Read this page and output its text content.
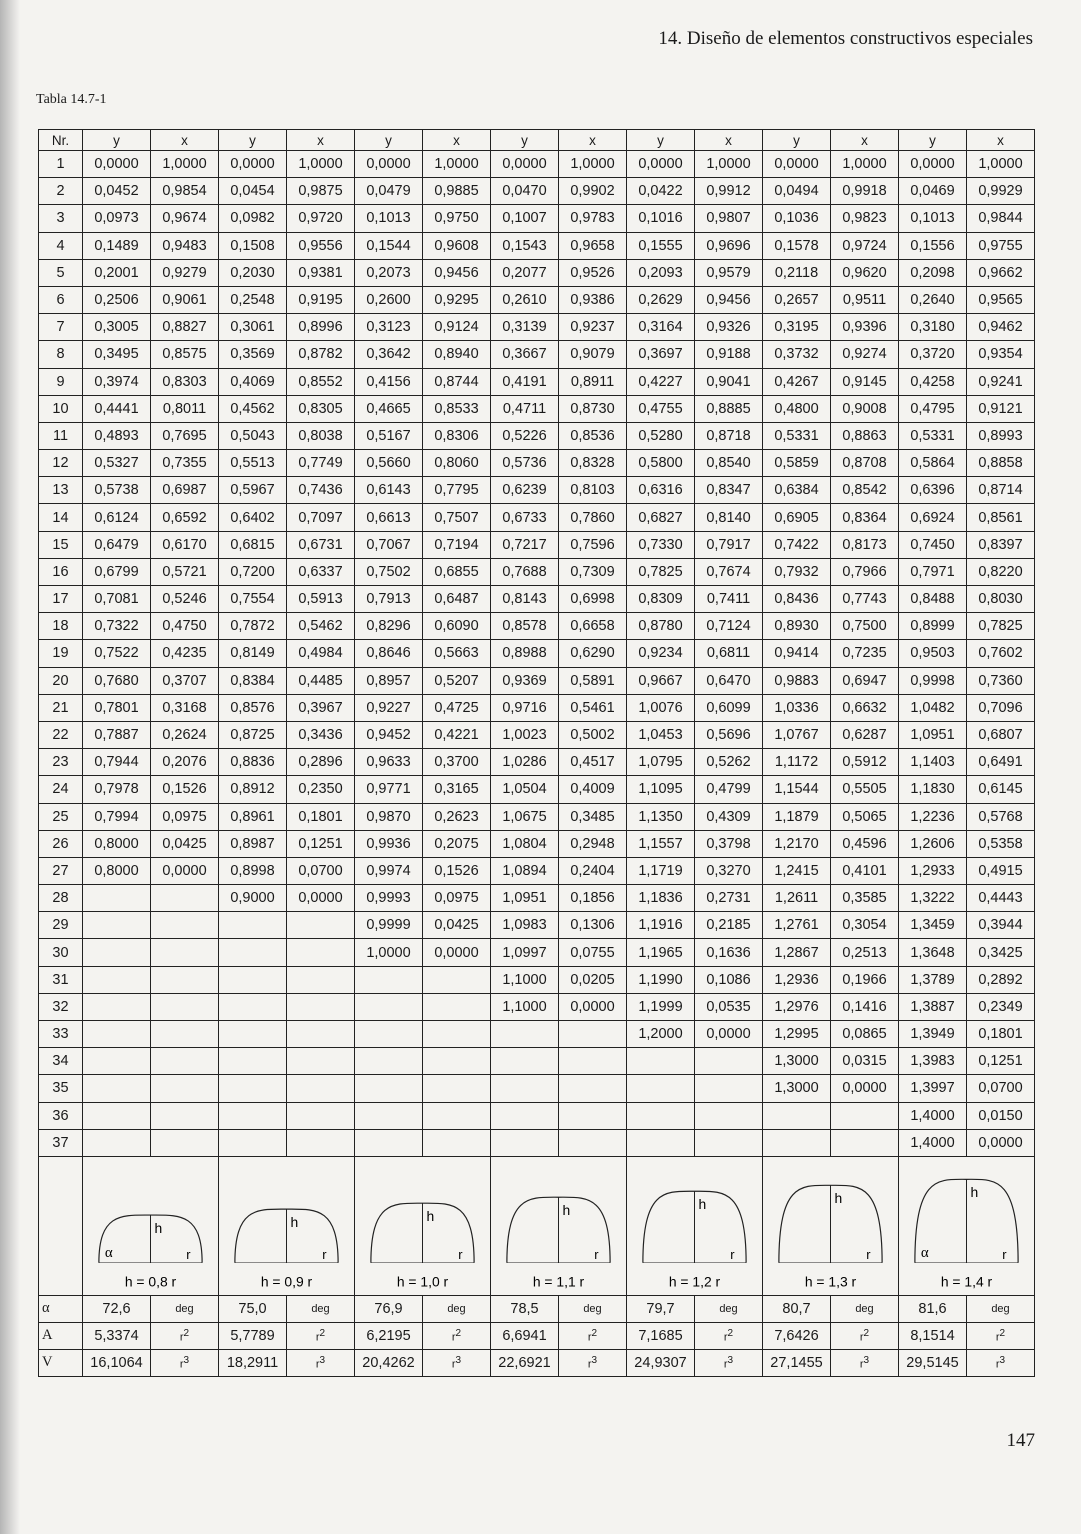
14. Diseño de elementos constructivos especiales
Tabla 14.7-1
Nr.	y	x	y	x	y	x	y	x	y	x	y	x	y	x
1	0,0000	1,0000	0,0000	1,0000	0,0000	1,0000	0,0000	1,0000	0,0000	1,0000	0,0000	1,0000	0,0000	1,0000
2	0,0452	0,9854	0,0454	0,9875	0,0479	0,9885	0,0470	0,9902	0,0422	0,9912	0,0494	0,9918	0,0469	0,9929
3	0,0973	0,9674	0,0982	0,9720	0,1013	0,9750	0,1007	0,9783	0,1016	0,9807	0,1036	0,9823	0,1013	0,9844
4	0,1489	0,9483	0,1508	0,9556	0,1544	0,9608	0,1543	0,9658	0,1555	0,9696	0,1578	0,9724	0,1556	0,9755
5	0,2001	0,9279	0,2030	0,9381	0,2073	0,9456	0,2077	0,9526	0,2093	0,9579	0,2118	0,9620	0,2098	0,9662
6	0,2506	0,9061	0,2548	0,9195	0,2600	0,9295	0,2610	0,9386	0,2629	0,9456	0,2657	0,9511	0,2640	0,9565
7	0,3005	0,8827	0,3061	0,8996	0,3123	0,9124	0,3139	0,9237	0,3164	0,9326	0,3195	0,9396	0,3180	0,9462
8	0,3495	0,8575	0,3569	0,8782	0,3642	0,8940	0,3667	0,9079	0,3697	0,9188	0,3732	0,9274	0,3720	0,9354
9	0,3974	0,8303	0,4069	0,8552	0,4156	0,8744	0,4191	0,8911	0,4227	0,9041	0,4267	0,9145	0,4258	0,9241
10	0,4441	0,8011	0,4562	0,8305	0,4665	0,8533	0,4711	0,8730	0,4755	0,8885	0,4800	0,9008	0,4795	0,9121
11	0,4893	0,7695	0,5043	0,8038	0,5167	0,8306	0,5226	0,8536	0,5280	0,8718	0,5331	0,8863	0,5331	0,8993
12	0,5327	0,7355	0,5513	0,7749	0,5660	0,8060	0,5736	0,8328	0,5800	0,8540	0,5859	0,8708	0,5864	0,8858
13	0,5738	0,6987	0,5967	0,7436	0,6143	0,7795	0,6239	0,8103	0,6316	0,8347	0,6384	0,8542	0,6396	0,8714
14	0,6124	0,6592	0,6402	0,7097	0,6613	0,7507	0,6733	0,7860	0,6827	0,8140	0,6905	0,8364	0,6924	0,8561
15	0,6479	0,6170	0,6815	0,6731	0,7067	0,7194	0,7217	0,7596	0,7330	0,7917	0,7422	0,8173	0,7450	0,8397
16	0,6799	0,5721	0,7200	0,6337	0,7502	0,6855	0,7688	0,7309	0,7825	0,7674	0,7932	0,7966	0,7971	0,8220
17	0,7081	0,5246	0,7554	0,5913	0,7913	0,6487	0,8143	0,6998	0,8309	0,7411	0,8436	0,7743	0,8488	0,8030
18	0,7322	0,4750	0,7872	0,5462	0,8296	0,6090	0,8578	0,6658	0,8780	0,7124	0,8930	0,7500	0,8999	0,7825
19	0,7522	0,4235	0,8149	0,4984	0,8646	0,5663	0,8988	0,6290	0,9234	0,6811	0,9414	0,7235	0,9503	0,7602
20	0,7680	0,3707	0,8384	0,4485	0,8957	0,5207	0,9369	0,5891	0,9667	0,6470	0,9883	0,6947	0,9998	0,7360
21	0,7801	0,3168	0,8576	0,3967	0,9227	0,4725	0,9716	0,5461	1,0076	0,6099	1,0336	0,6632	1,0482	0,7096
22	0,7887	0,2624	0,8725	0,3436	0,9452	0,4221	1,0023	0,5002	1,0453	0,5696	1,0767	0,6287	1,0951	0,6807
23	0,7944	0,2076	0,8836	0,2896	0,9633	0,3700	1,0286	0,4517	1,0795	0,5262	1,1172	0,5912	1,1403	0,6491
24	0,7978	0,1526	0,8912	0,2350	0,9771	0,3165	1,0504	0,4009	1,1095	0,4799	1,1544	0,5505	1,1830	0,6145
25	0,7994	0,0975	0,8961	0,1801	0,9870	0,2623	1,0675	0,3485	1,1350	0,4309	1,1879	0,5065	1,2236	0,5768
26	0,8000	0,0425	0,8987	0,1251	0,9936	0,2075	1,0804	0,2948	1,1557	0,3798	1,2170	0,4596	1,2606	0,5358
27	0,8000	0,0000	0,8998	0,0700	0,9974	0,1526	1,0894	0,2404	1,1719	0,3270	1,2415	0,4101	1,2933	0,4915
28			0,9000	0,0000	0,9993	0,0975	1,0951	0,1856	1,1836	0,2731	1,2611	0,3585	1,3222	0,4443
29					0,9999	0,0425	1,0983	0,1306	1,1916	0,2185	1,2761	0,3054	1,3459	0,3944
30					1,0000	0,0000	1,0997	0,0755	1,1965	0,1636	1,2867	0,2513	1,3648	0,3425
31							1,1000	0,0205	1,1990	0,1086	1,2936	0,1966	1,3789	0,2892
32							1,1000	0,0000	1,1999	0,0535	1,2976	0,1416	1,3887	0,2349
33									1,2000	0,0000	1,2995	0,0865	1,3949	0,1801
34											1,3000	0,0315	1,3983	0,1251
35											1,3000	0,0000	1,3997	0,0700
36													1,4000	0,0150
37													1,4000	0,0000

h
r
α
h = 0,8 r		h
r
h = 0,9 r		h
r
h = 1,0 r		h
r
h = 1,1 r		h
r
h = 1,2 r		h
r
h = 1,3 r		h
r
α
h = 1,4 r	

α	72,6	deg	75,0	deg	76,9	deg	78,5	deg	79,7	deg	80,7	deg	81,6	deg
A	5,3374	$r^2$	5,7789	$r^2$	6,2195	$r^2$	6,6941	$r^2$	7,1685	$r^2$	7,6426	$r^2$	8,1514	$r^2$
V	16,1064	$r^3$	18,2911	$r^3$	20,4262	$r^3$	22,6921	$r^3$	24,9307	$r^3$	27,1455	$r^3$	29,5145	$r^3$
147
